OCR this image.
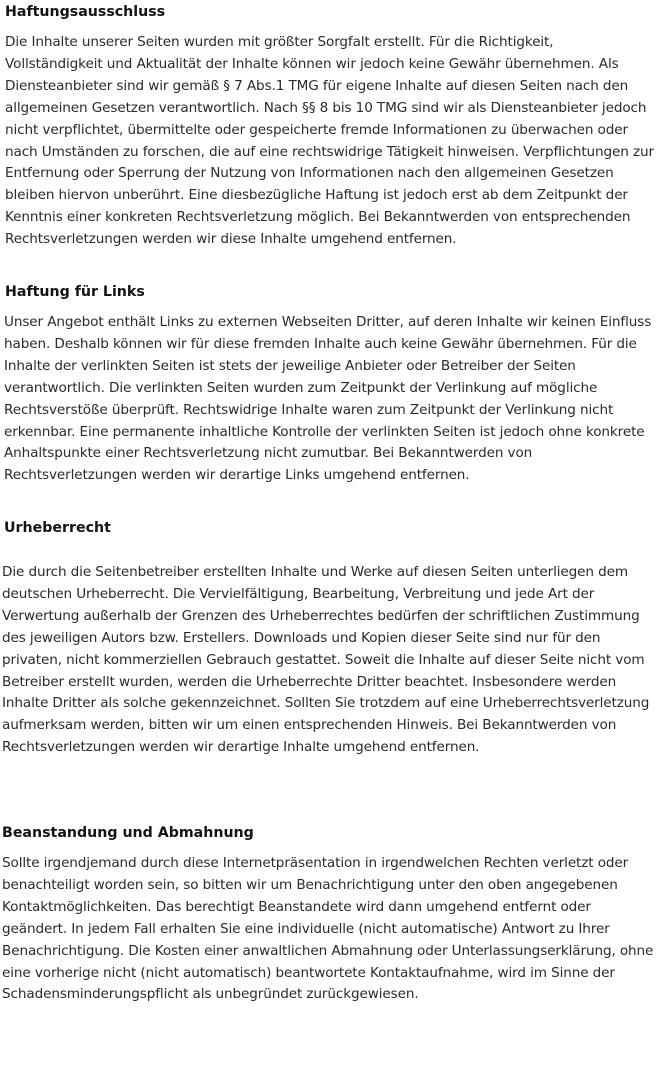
Haftungsausschluss

Die Inhalte unserer Seiten wurden mit größter Sorgfalt erstellt. Für die Richtigkeit, Vollständigkeit und Aktualität der Inhalte können wir jedoch keine Gewähr übernehmen. Als Diensteanbieter sind wir gemäß § 7 Abs.1 TMG für eigene Inhalte auf diesen Seiten nach den allgemeinen Gesetzen verantwortlich. Nach §§ 8 bis 10 TMG sind wir als Diensteanbieter jedoch nicht verpflichtet, übermittelte oder gespeicherte fremde Informationen zu überwachen oder nach Umständen zu forschen, die auf eine rechtswidrige Tätigkeit hinweisen. Verpflichtungen zur Entfernung oder Sperrung der Nutzung von Informationen nach den allgemeinen Gesetzen bleiben hiervon unberührt. Eine diesbezügliche Haftung ist jedoch erst ab dem Zeitpunkt der Kenntnis einer konkreten Rechtsverletzung möglich. Bei Bekanntwerden von entsprechenden Rechtsverletzungen werden wir diese Inhalte umgehend entfernen.

Haftung für Links

Unser Angebot enthält Links zu externen Webseiten Dritter, auf deren Inhalte wir keinen Einfluss haben. Deshalb können wir für diese fremden Inhalte auch keine Gewähr übernehmen. Für die Inhalte der verlinkten Seiten ist stets der jeweilige Anbieter oder Betreiber der Seiten verantwortlich. Die verlinkten Seiten wurden zum Zeitpunkt der Verlinkung auf mögliche Rechtsverstöße überprüft. Rechtswidrige Inhalte waren zum Zeitpunkt der Verlinkung nicht erkennbar. Eine permanente inhaltliche Kontrolle der verlinkten Seiten ist jedoch ohne konkrete Anhaltspunkte einer Rechtsverletzung nicht zumutbar. Bei Bekanntwerden von Rechtsverletzungen werden wir derartige Links umgehend entfernen.

Urheberrecht

Die durch die Seitenbetreiber erstellten Inhalte und Werke auf diesen Seiten unterliegen dem deutschen Urheberrecht. Die Vervielfältigung, Bearbeitung, Verbreitung und jede Art der Verwertung außerhalb der Grenzen des Urheberrechtes bedürfen der schriftlichen Zustimmung des jeweiligen Autors bzw. Erstellers. Downloads und Kopien dieser Seite sind nur für den privaten, nicht kommerziellen Gebrauch gestattet. Soweit die Inhalte auf dieser Seite nicht vom Betreiber erstellt wurden, werden die Urheberrechte Dritter beachtet. Insbesondere werden Inhalte Dritter als solche gekennzeichnet. Sollten Sie trotzdem auf eine Urheberrechtsverletzung aufmerksam werden, bitten wir um einen entsprechenden Hinweis. Bei Bekanntwerden von Rechtsverletzungen werden wir derartige Inhalte umgehend entfernen.

Beanstandung und Abmahnung

Sollte irgendjemand durch diese Internetpräsentation in irgendwelchen Rechten verletzt oder benachteiligt worden sein, so bitten wir um Benachrichtigung unter den oben angegebenen Kontaktmöglichkeiten. Das berechtigt Beanstandete wird dann umgehend entfernt oder geändert. In jedem Fall erhalten Sie eine individuelle (nicht automatische) Antwort zu Ihrer Benachrichtigung. Die Kosten einer anwaltlichen Abmahnung oder Unterlassungserklärung, ohne eine vorherige nicht (nicht automatisch) beantwortete Kontaktaufnahme, wird im Sinne der Schadensminderungspflicht als unbegründet zurückgewiesen.
